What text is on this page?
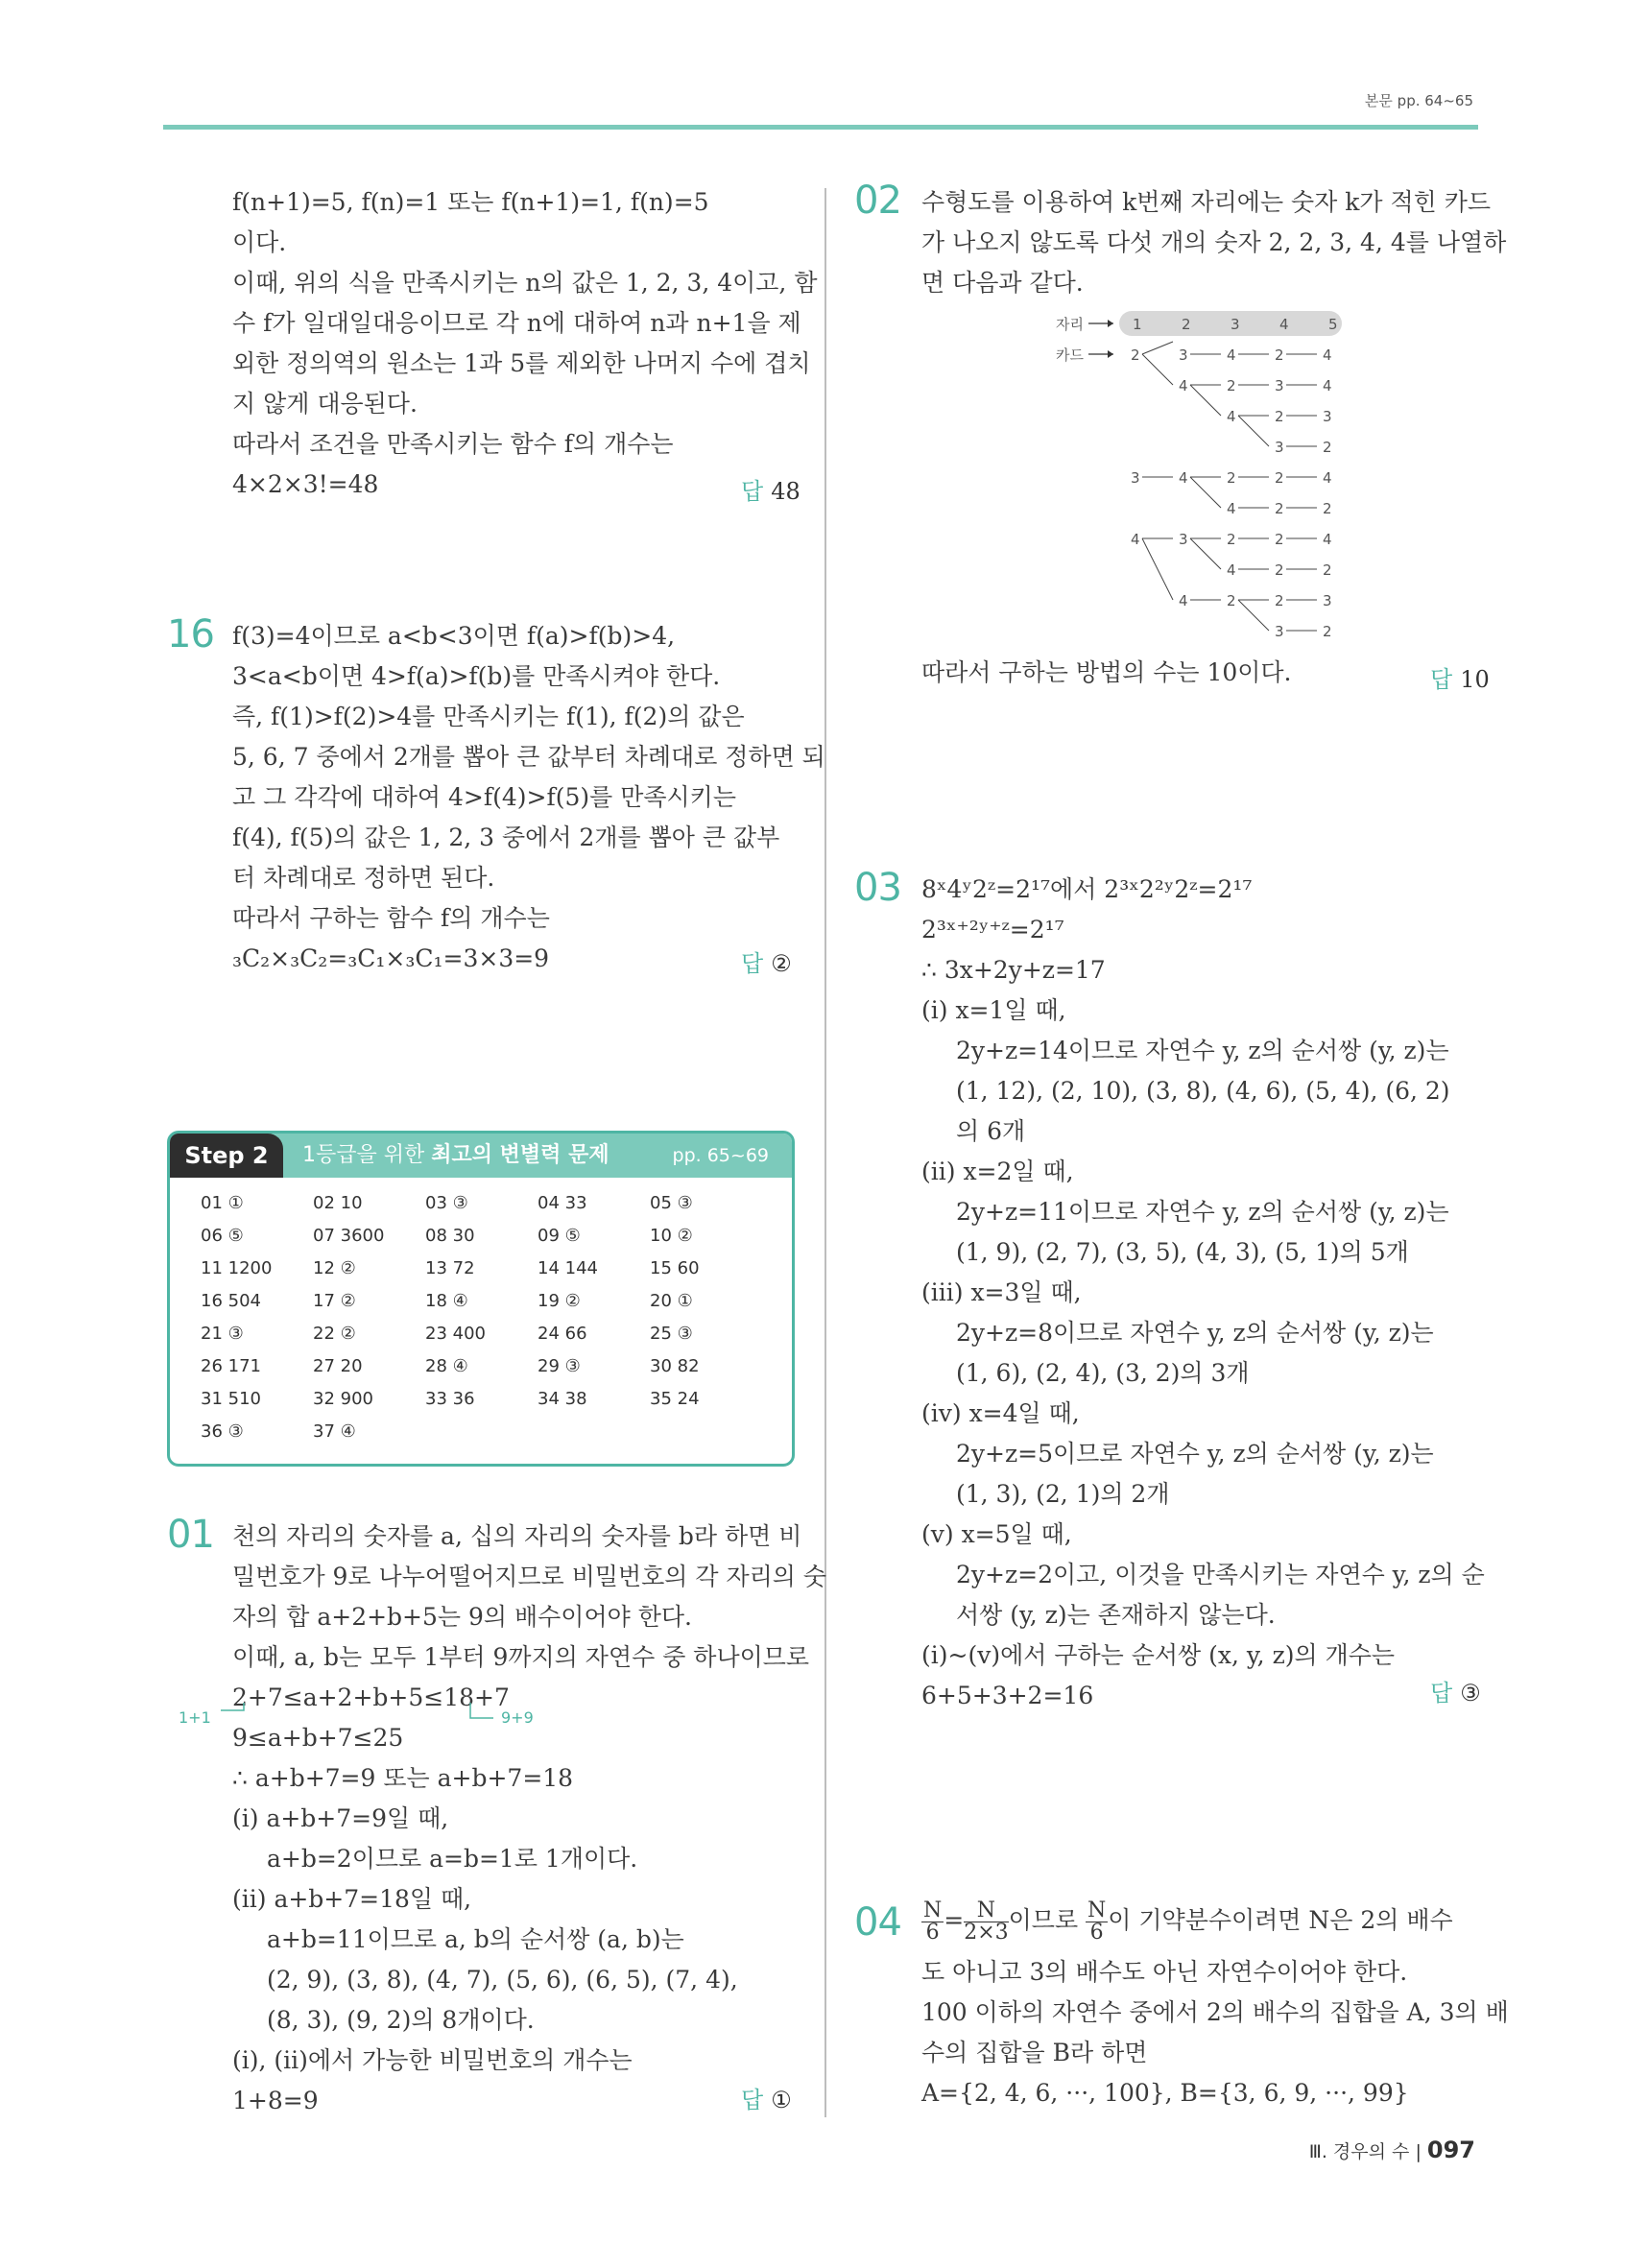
본문 pp. 64~65
f(n+1)=5, f(n)=1 또는 f(n+1)=1, f(n)=5
이다.
이때, 위의 식을 만족시키는 n의 값은 1, 2, 3, 4이고, 함
수 f가 일대일대응이므로 각 n에 대하여 n과 n+1을 제
외한 정의역의 원소는 1과 5를 제외한 나머지 수에 겹치
지 않게 대응된다.
따라서 조건을 만족시키는 함수 f의 개수는
4×2×3!=48	답 48
16 f(3)=4이므로 a<b<3이면 f(a)>f(b)>4,
3<a<b이면 4>f(a)>f(b)를 만족시켜야 한다.
즉, f(1)>f(2)>4를 만족시키는 f(1), f(2)의 값은
5, 6, 7 중에서 2개를 뽑아 큰 값부터 차례대로 정하면 되
고 그 각각에 대하여 4>f(4)>f(5)를 만족시키는
f(4), f(5)의 값은 1, 2, 3 중에서 2개를 뽑아 큰 값부
터 차례대로 정하면 된다.
따라서 구하는 함수 f의 개수는
₃C₂×₃C₂=₃C₁×₃C₁=3×3=9	답 ②
Step 2	1등급을 위한 최고의 변별력 문제	pp. 65~69
01 ①	02 10	03 ③	04 33	05 ③
06 ⑤	07 3600 08 30	09 ⑤	10 ②
11 1200 12 ②	13 72	14 144	15 60
16 504	17 ②	18 ④	19 ②	20 ①
21 ③	22 ②	23 400	24 66	25 ③
26 171	27 20	28 ④	29 ③	30 82
31 510	32 900	33 36	34 38	35 24
36 ③	37 ④
01 천의 자리의 숫자를 a, 십의 자리의 숫자를 b라 하면 비
밀번호가 9로 나누어떨어지므로 비밀번호의 각 자리의 숫
자의 합 a+2+b+5는 9의 배수이어야 한다.
이때, a, b는 모두 1부터 9까지의 자연수 중 하나이므로
2+7≤a+2+b+5≤18+7
9≤a+b+7≤25
∴ a+b+7=9 또는 a+b+7=18
(i) a+b+7=9일 때,
a+b=2이므로 a=b=1로 1개이다.
(ii) a+b+7=18일 때,
a+b=11이므로 a, b의 순서쌍 (a, b)는
(2, 9), (3, 8), (4, 7), (5, 6), (6, 5), (7, 4),
(8, 3), (9, 2)의 8개이다.
(i), (ii)에서 가능한 비밀번호의 개수는
1+8=9
1+1	9+9
답 ①
02 수형도를 이용하여 k번째 자리에는 숫자 k가 적힌 카드
가 나오지 않도록 다섯 개의 숫자 2, 2, 3, 4, 4를 나열하
면 다음과 같다.
자리	1	2	3	4	5
카드	2	3	4	2	4
4	2	3	4
4	2	3
3	2
3	4	2	2	4
4	2	2
4	3	2	2	4
4	2	2
4	2	2	3
3	2
따라서 구하는 방법의 수는 10이다.	답 10
03 8ˣ4ʸ2ᶻ=2¹⁷에서 2³ˣ2²ʸ2ᶻ=2¹⁷
2³ˣ⁺²ʸ⁺ᶻ=2¹⁷
∴ 3x+2y+z=17
(i) x=1일 때,
2y+z=14이므로 자연수 y, z의 순서쌍 (y, z)는
(1, 12), (2, 10), (3, 8), (4, 6), (5, 4), (6, 2)
의 6개
(ii) x=2일 때,
2y+z=11이므로 자연수 y, z의 순서쌍 (y, z)는
(1, 9), (2, 7), (3, 5), (4, 3), (5, 1)의 5개
(iii) x=3일 때,
2y+z=8이므로 자연수 y, z의 순서쌍 (y, z)는
(1, 6), (2, 4), (3, 2)의 3개
(iv) x=4일 때,
2y+z=5이므로 자연수 y, z의 순서쌍 (y, z)는
(1, 3), (2, 1)의 2개
(v) x=5일 때,
2y+z=2이고, 이것을 만족시키는 자연수 y, z의 순
서쌍 (y, z)는 존재하지 않는다.
(i)~(v)에서 구하는 순서쌍 (x, y, z)의 개수는
6+5+3+2=16	답 ③
$04 \frac{N}{6} = \frac{N}{2\times 3}$ 이므로 $\frac{N}{6}$ 이 기약분수이려면 N은 2의 배수
도 아니고 3의 배수도 아닌 자연수이어야 한다.
100 이하의 자연수 중에서 2의 배수의 집합을 A, 3의 배
수의 집합을 B라 하면
A={2, 4, 6, ···, 100}, B={3, 6, 9, ···, 99}
Ⅲ. 경우의 수 | 097
